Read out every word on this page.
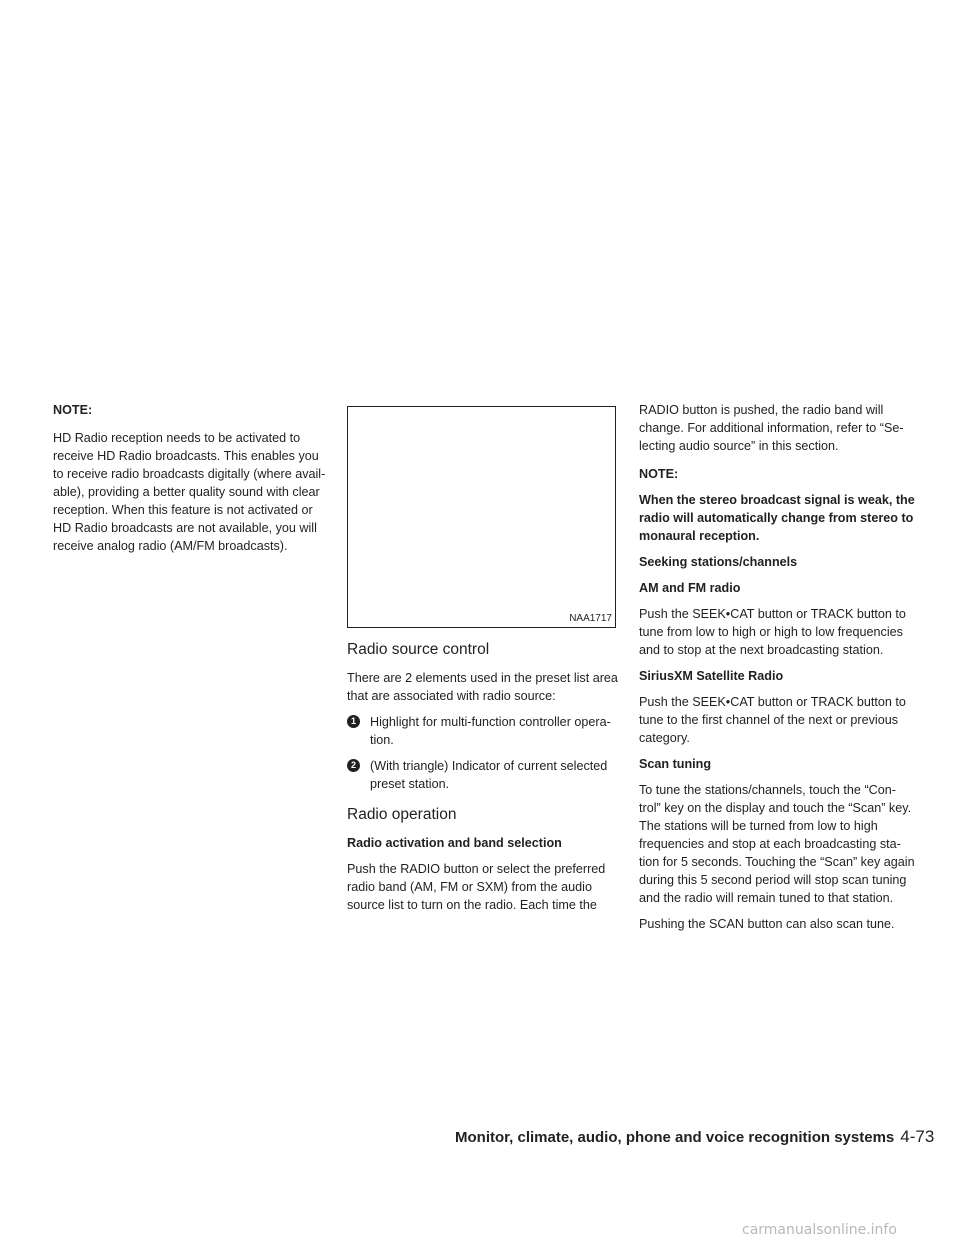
NOTE:

HD Radio reception needs to be activated to receive HD Radio broadcasts. This enables you to receive radio broadcasts digitally (where avail-able), providing a better quality sound with clear reception. When this feature is not activated or HD Radio broadcasts are not available, you will receive analog radio (AM/FM broadcasts).

NAA1717
Radio source control

There are 2 elements used in the preset list area that are associated with radio source:

1	Highlight for multi-function controller opera-tion.
2	(With triangle) Indicator of current selected preset station.
Radio operation

Radio activation and band selection

Push the RADIO button or select the preferred radio band (AM, FM or SXM) from the audio source list to turn on the radio. Each time the

RADIO button is pushed, the radio band will change. For additional information, refer to “Se-lecting audio source” in this section.

NOTE:

When the stereo broadcast signal is weak, the radio will automatically change from stereo to monaural reception.

Seeking stations/channels

AM and FM radio

Push the SEEK•CAT button or TRACK button to tune from low to high or high to low frequencies and to stop at the next broadcasting station.

SiriusXM Satellite Radio

Push the SEEK•CAT button or TRACK button to tune to the first channel of the next or previous category.

Scan tuning

To tune the stations/channels, touch the “Con-trol” key on the display and touch the “Scan” key. The stations will be turned from low to high frequencies and stop at each broadcasting sta-tion for 5 seconds. Touching the “Scan” key again during this 5 second period will stop scan tuning and the radio will remain tuned to that station.

Pushing the SCAN button can also scan tune.

Monitor, climate, audio, phone and voice recognition systems 4-73
carmanualsonline.info
